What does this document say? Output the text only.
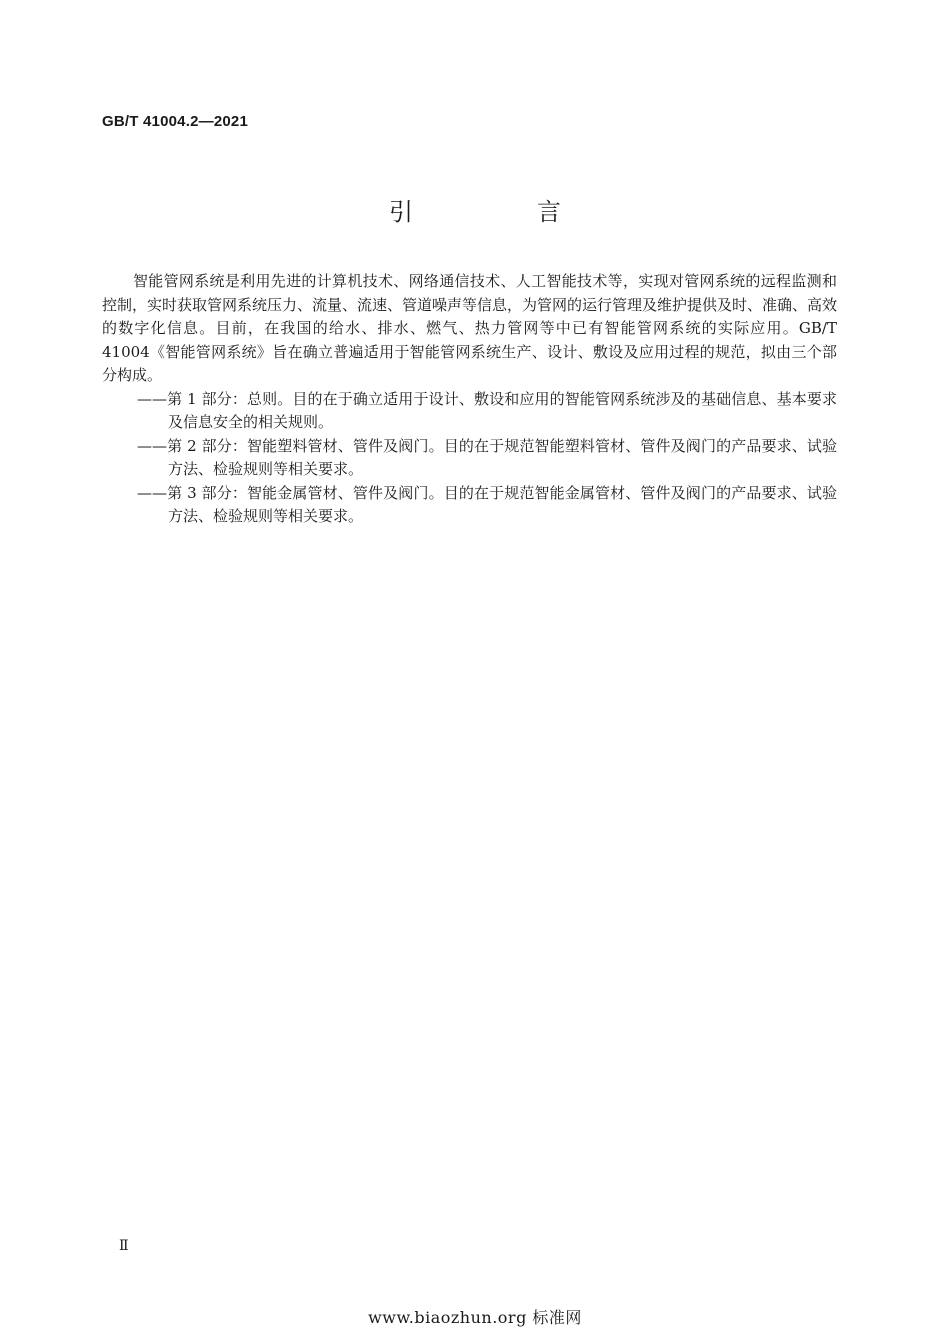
GB/T 41004.2—2021
引　言

智能管网系统是利用先进的计算机技术、网络通信技术、人工智能技术等，实现对管网系统的远程监测和控制，实时获取管网系统压力、流量、流速、管道噪声等信息，为管网的运行管理及维护提供及时、准确、高效的数字化信息。目前，在我国的给水、排水、燃气、热力管网等中已有智能管网系统的实际应用。GB/T 41004《智能管网系统》旨在确立普遍适用于智能管网系统生产、设计、敷设及应用过程的规范，拟由三个部分构成。

——第 1 部分：总则。目的在于确立适用于设计、敷设和应用的智能管网系统涉及的基础信息、基本要求及信息安全的相关规则。

——第 2 部分：智能塑料管材、管件及阀门。目的在于规范智能塑料管材、管件及阀门的产品要求、试验方法、检验规则等相关要求。

——第 3 部分：智能金属管材、管件及阀门。目的在于规范智能金属管材、管件及阀门的产品要求、试验方法、检验规则等相关要求。

Ⅱ
www.biaozhun.org 标准网
